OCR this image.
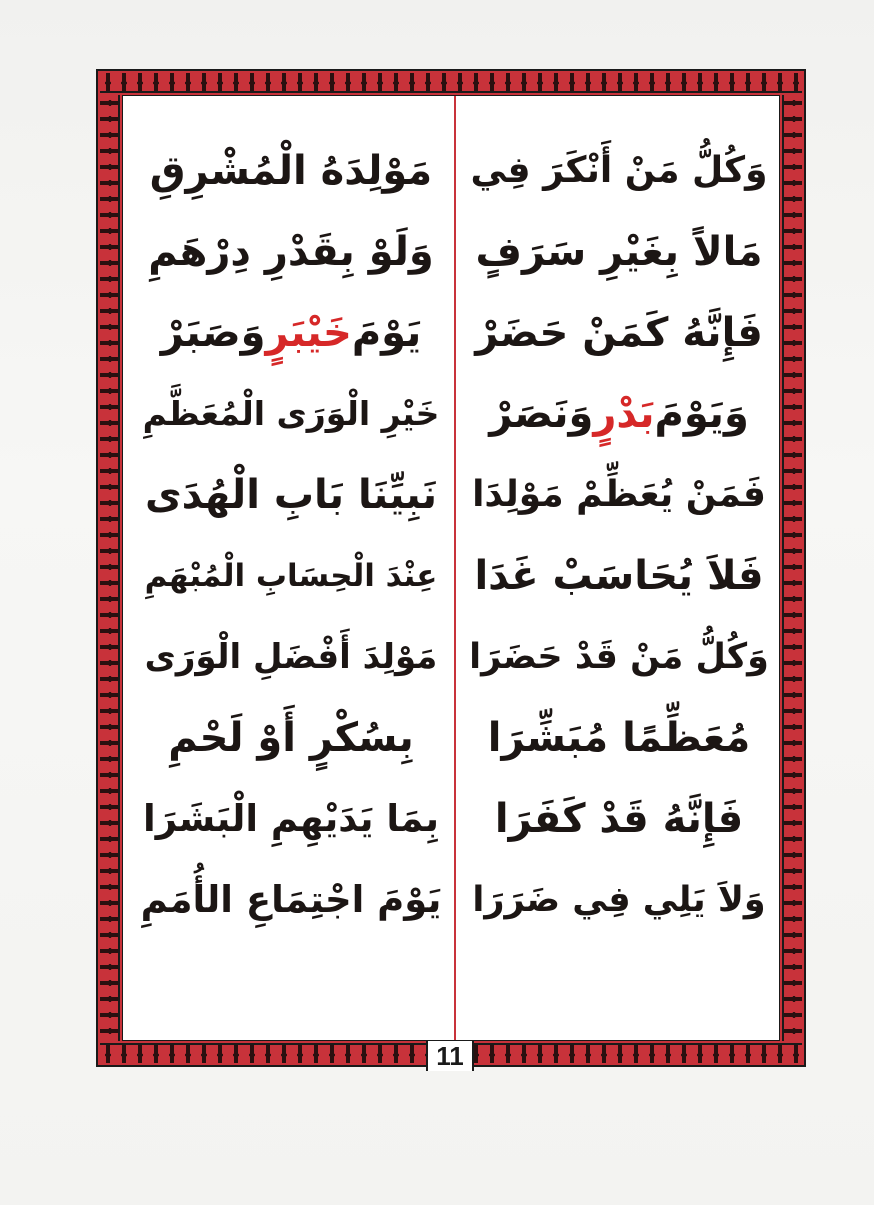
وَكُلُّ مَنْ أَنْكَرَ فِي
مَالاً بِغَيْرِ سَرَفٍ
فَإِنَّهُ كَمَنْ حَضَرْ
وَيَوْمَ
بَدْرٍ
وَنَصَرْ
فَمَنْ يُعَظِّمْ مَوْلِدَا
فَلاَ يُحَاسَبْ غَدَا
وَكُلُّ مَنْ قَدْ حَضَرَا
مُعَظِّمًا مُبَشِّرَا
فَإِنَّهُ قَدْ كَفَرَا
وَلاَ يَلِي فِي ضَرَرَا
مَوْلِدَهُ الْمُشْرِقِ
وَلَوْ بِقَدْرِ دِرْهَمِ
يَوْمَ
خَيْبَرٍ
وَصَبَرْ
خَيْرِ الْوَرَى الْمُعَظَّمِ
نَبِيِّنَا بَابِ الْهُدَى
عِنْدَ الْحِسَابِ الْمُبْهَمِ
مَوْلِدَ أَفْضَلِ الْوَرَى
بِسُكْرٍ أَوْ لَحْمِ
بِمَا يَدَيْهِمِ الْبَشَرَا
يَوْمَ اجْتِمَاعِ الأُمَمِ
11
